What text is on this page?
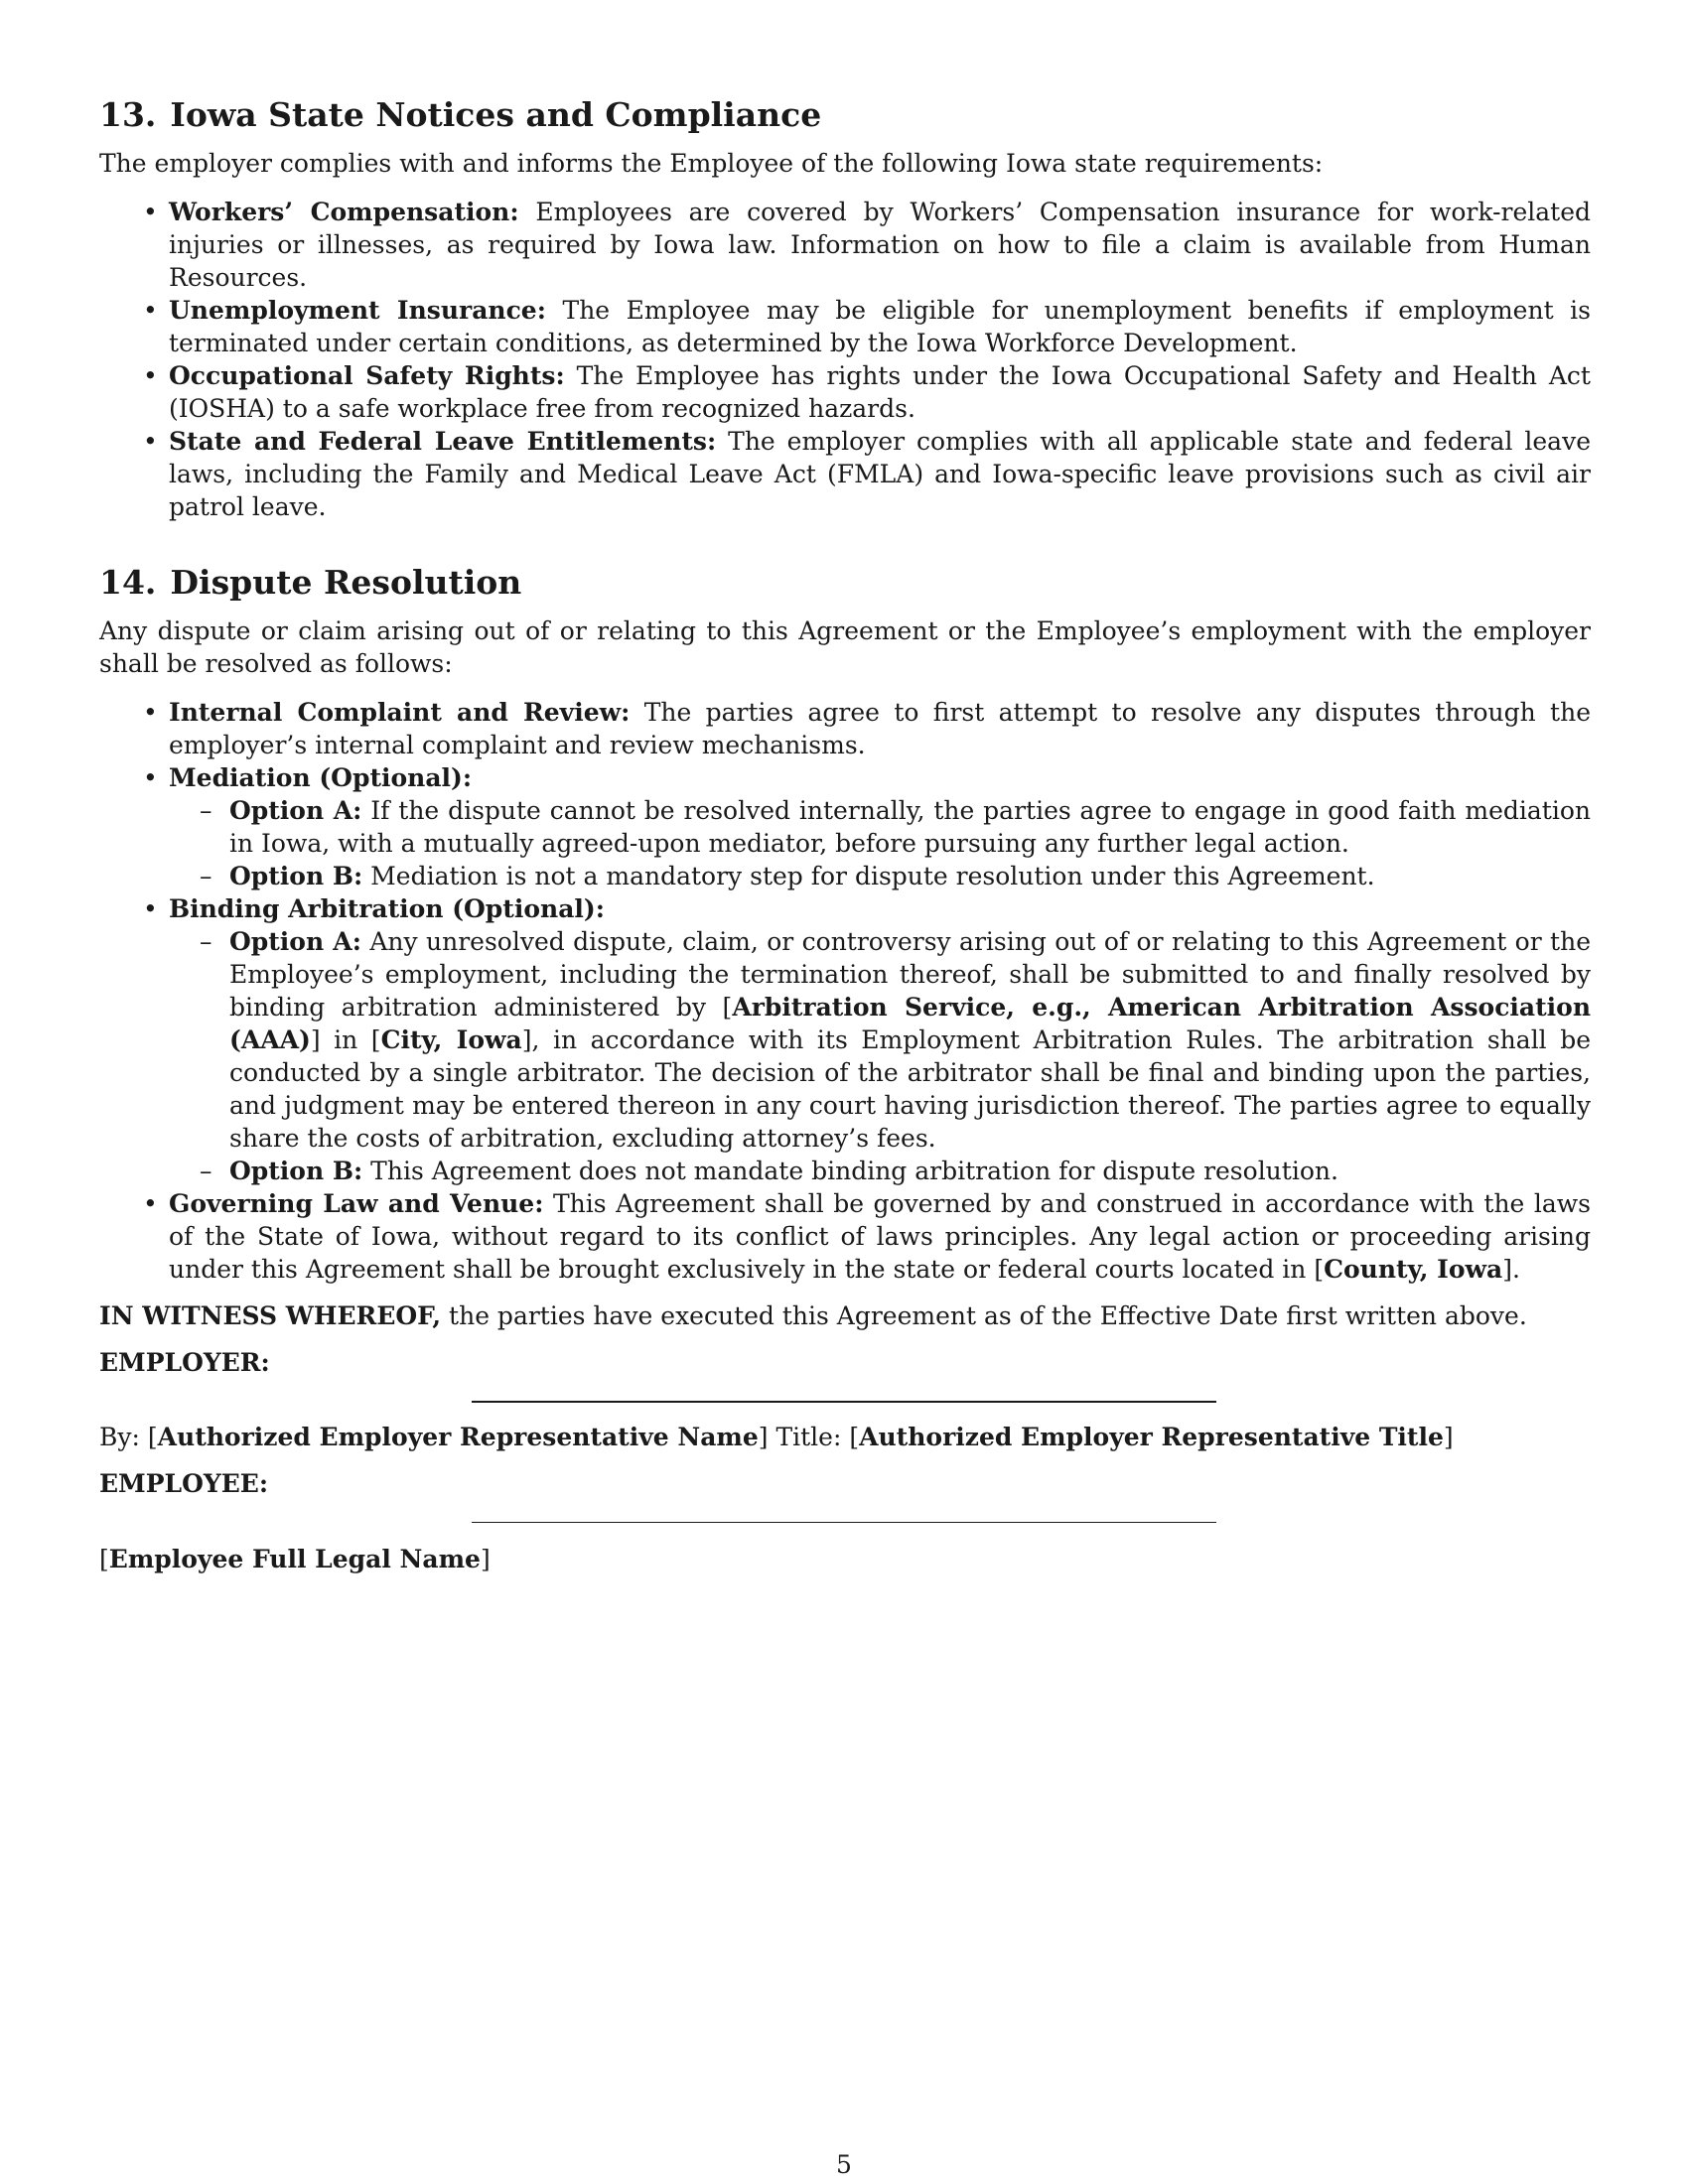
13. Iowa State Notices and Compliance

The employer complies with and informs the Employee of the following Iowa state requirements:

• Workers’ Compensation: Employees are covered by Workers’ Compensation insurance for work-related injuries or illnesses, as required by Iowa law. Information on how to file a claim is available from Human Resources.
• Unemployment Insurance: The Employee may be eligible for unemployment benefits if employment is terminated under certain conditions, as determined by the Iowa Workforce Development.
• Occupational Safety Rights: The Employee has rights under the Iowa Occupational Safety and Health Act (IOSHA) to a safe workplace free from recognized hazards.
• State and Federal Leave Entitlements: The employer complies with all applicable state and federal leave laws, including the Family and Medical Leave Act (FMLA) and Iowa-specific leave provisions such as civil air patrol leave.
14. Dispute Resolution

Any dispute or claim arising out of or relating to this Agreement or the Employee’s employment with the employer shall be resolved as follows:

• Internal Complaint and Review: The parties agree to first attempt to resolve any disputes through the employer’s internal complaint and review mechanisms.
• Mediation (Optional):
– Option A: If the dispute cannot be resolved internally, the parties agree to engage in good faith mediation in Iowa, with a mutually agreed-upon mediator, before pursuing any further legal action.
– Option B: Mediation is not a mandatory step for dispute resolution under this Agreement.
• Binding Arbitration (Optional):
– Option A: Any unresolved dispute, claim, or controversy arising out of or relating to this Agreement or the Employee’s employment, including the termination thereof, shall be submitted to and finally resolved by binding arbitration administered by [Arbitration Service, e.g., American Arbitration Association (AAA)] in [City, Iowa], in accordance with its Employment Arbitration Rules. The arbitration shall be conducted by a single arbitrator. The decision of the arbitrator shall be final and binding upon the parties, and judgment may be entered thereon in any court having jurisdiction thereof. The parties agree to equally share the costs of arbitration, excluding attorney’s fees.
– Option B: This Agreement does not mandate binding arbitration for dispute resolution.
• Governing Law and Venue: This Agreement shall be governed by and construed in accordance with the laws of the State of Iowa, without regard to its conflict of laws principles. Any legal action or proceeding arising under this Agreement shall be brought exclusively in the state or federal courts located in [County, Iowa].

IN WITNESS WHEREOF, the parties have executed this Agreement as of the Effective Date first written above.

EMPLOYER:
By: [Authorized Employer Representative Name] Title: [Authorized Employer Representative Title]
EMPLOYEE:
[Employee Full Legal Name]
5
